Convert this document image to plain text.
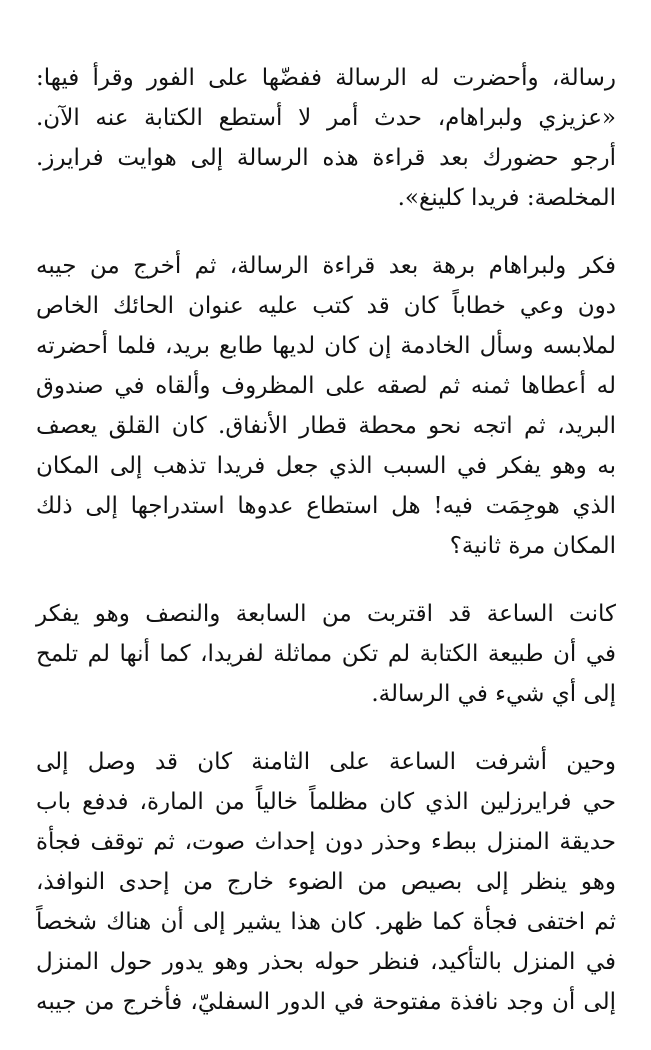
رسالة، وأحضرت له الرسالة ففضّها على الفور وقرأ فيها:
«عزيزي ولبراهام، حدث أمر لا أستطع الكتابة عنه الآن.
أرجو حضورك بعد قراءة هذه الرسالة إلى هوايت فرايرز.
المخلصة: فريدا كلينغ».
فكر ولبراهام برهة بعد قراءة الرسالة، ثم أخرج من جيبه
دون وعي خطاباً كان قد كتب عليه عنوان الحائك الخاص
لملابسه وسأل الخادمة إن كان لديها طابع بريد، فلما أحضرته
له أعطاها ثمنه ثم لصقه على المظروف وألقاه في صندوق
البريد، ثم اتجه نحو محطة قطار الأنفاق. كان القلق يعصف
به وهو يفكر في السبب الذي جعل فريدا تذهب إلى المكان
الذي هوجِمَت فيه! هل استطاع عدوها استدراجها إلى ذلك
المكان مرة ثانية؟
كانت الساعة قد اقتربت من السابعة والنصف وهو يفكر
في أن طبيعة الكتابة لم تكن مماثلة لفريدا، كما أنها لم تلمح
إلى أي شيء في الرسالة.
وحين أشرفت الساعة على الثامنة كان قد وصل إلى
حي فرايرزلين الذي كان مظلماً خالياً من المارة، فدفع باب
حديقة المنزل ببطء وحذر دون إحداث صوت، ثم توقف فجأة
وهو ينظر إلى بصيص من الضوء خارج من إحدى النوافذ،
ثم اختفى فجأة كما ظهر. كان هذا يشير إلى أن هناك شخصاً
في المنزل بالتأكيد، فنظر حوله بحذر وهو يدور حول المنزل
إلى أن وجد نافذة مفتوحة في الدور السفليّ، فأخرج من جيبه
